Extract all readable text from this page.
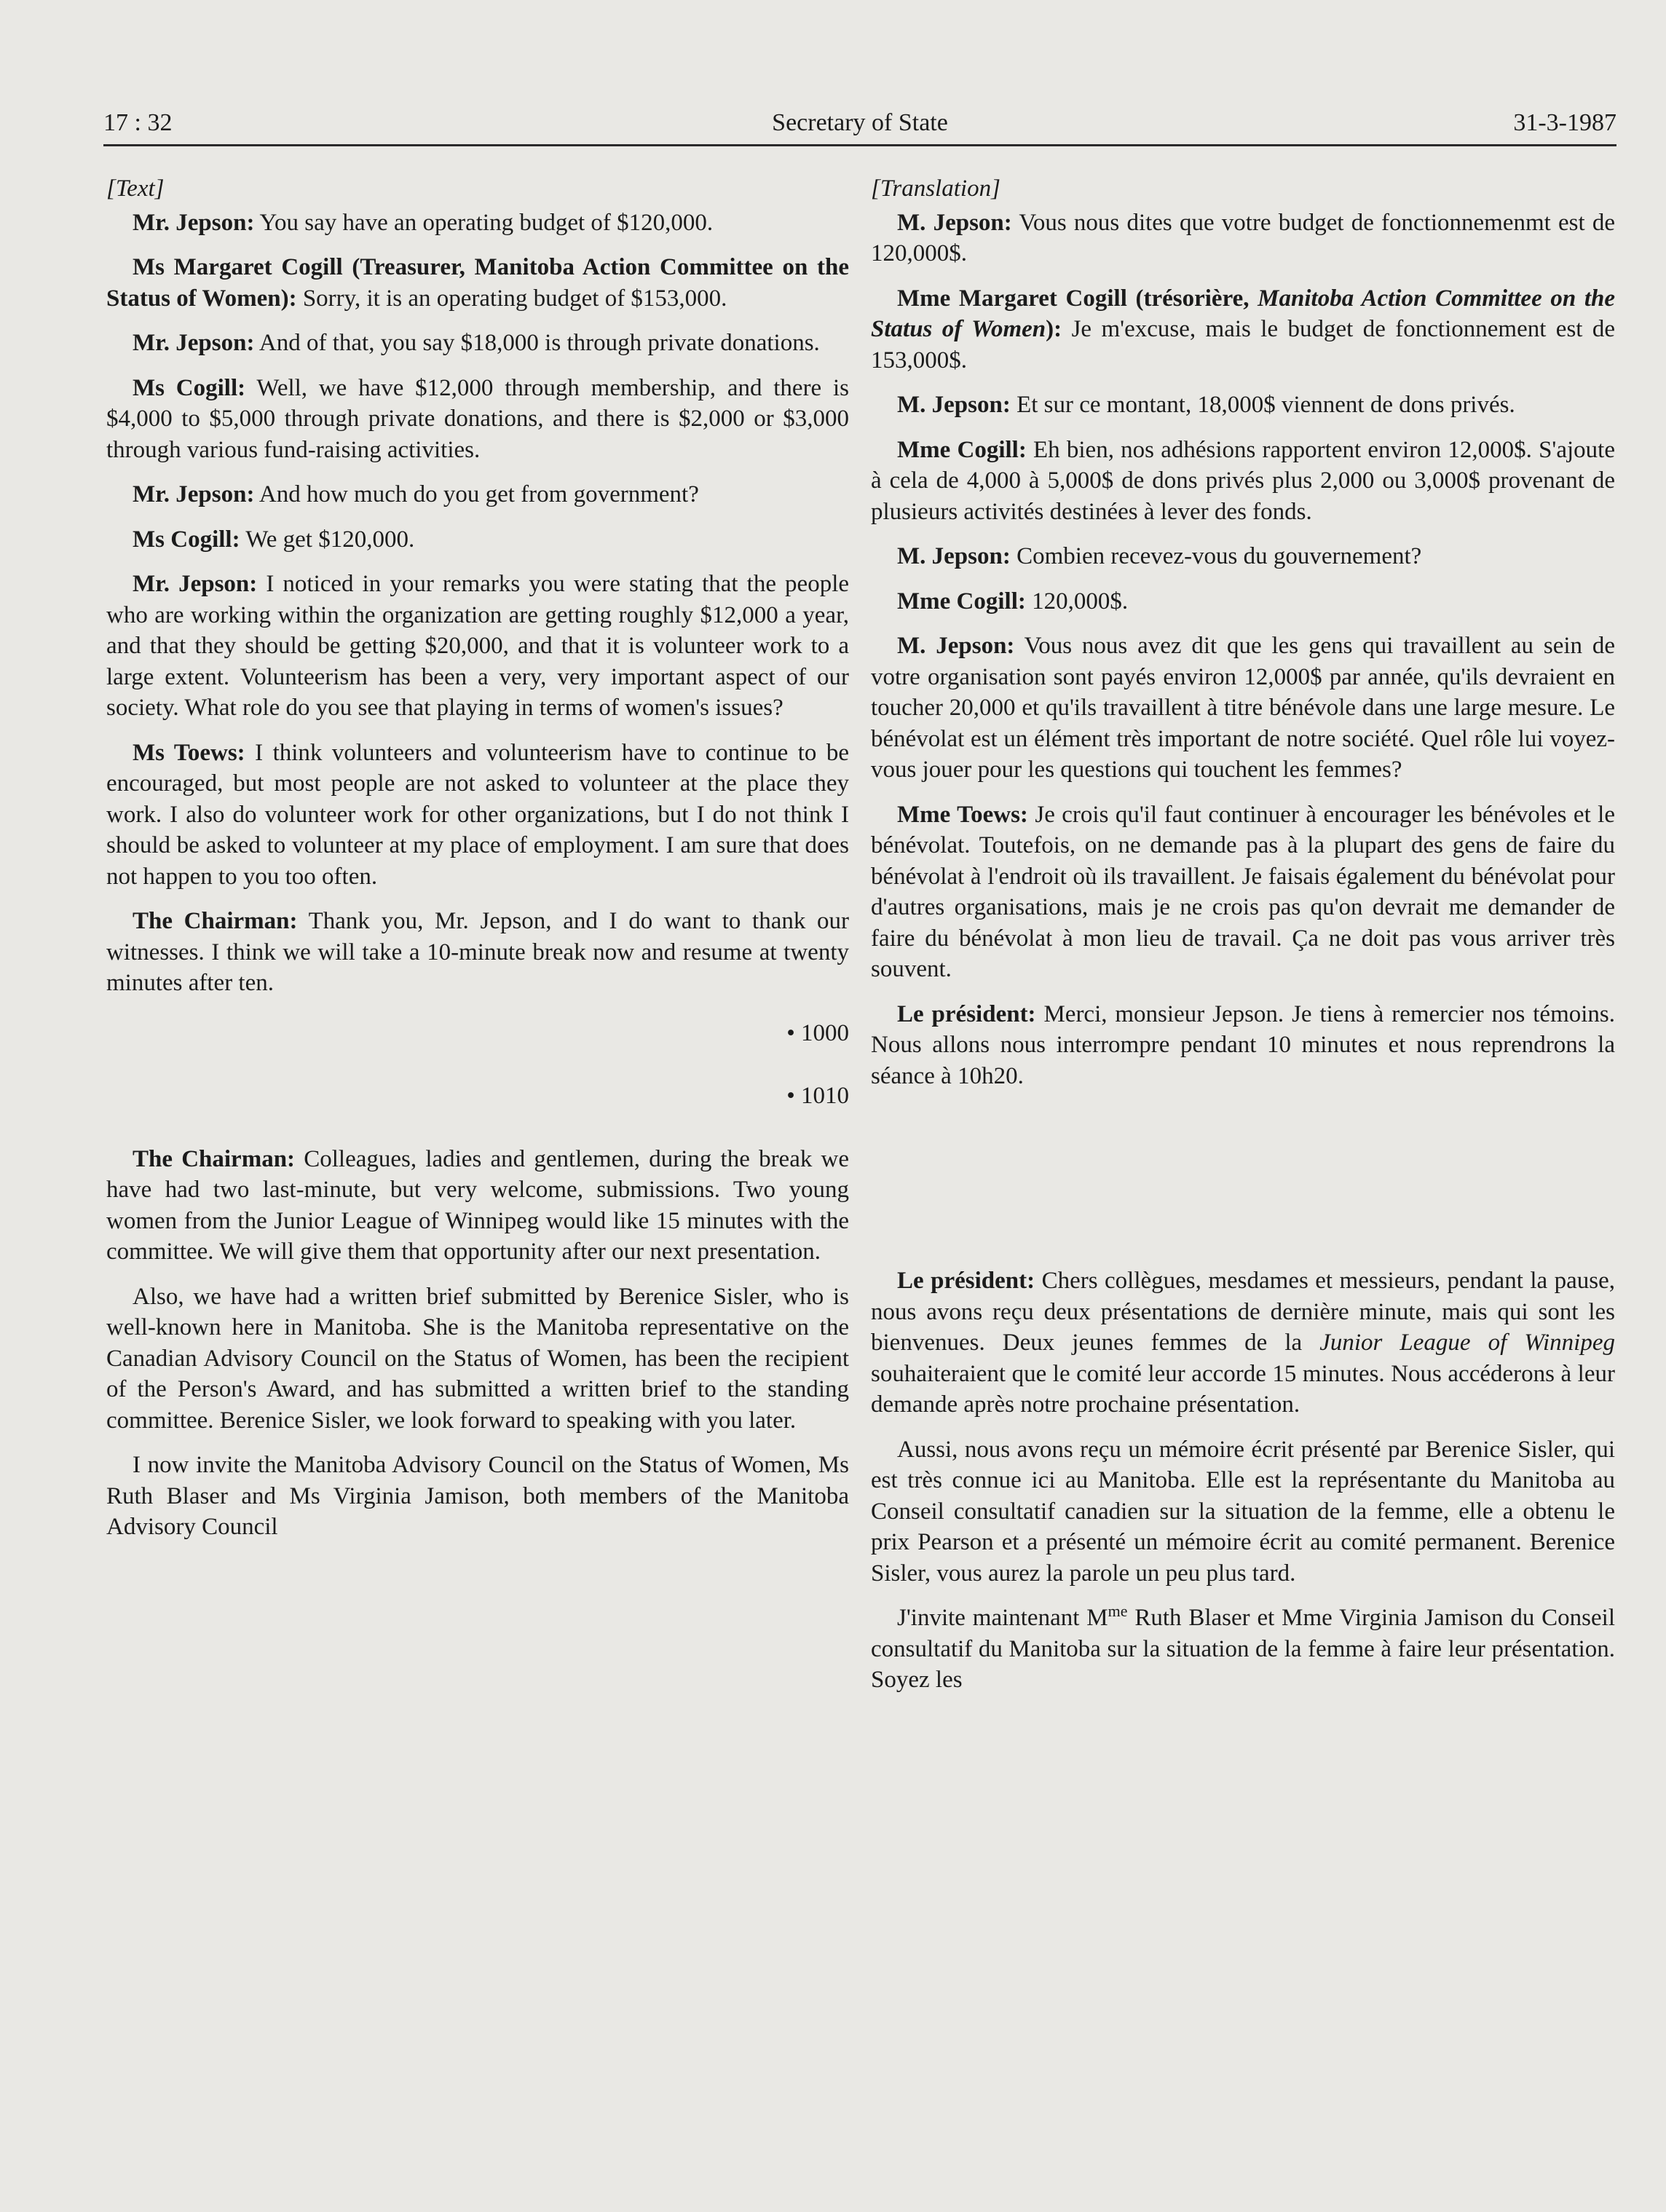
Secretary of State
17 : 32	31-3-1987
[Text]

Mr. Jepson: You say have an operating budget of $120,000.

Ms Margaret Cogill (Treasurer, Manitoba Action Committee on the Status of Women): Sorry, it is an operating budget of $153,000.

Mr. Jepson: And of that, you say $18,000 is through private donations.

Ms Cogill: Well, we have $12,000 through membership, and there is $4,000 to $5,000 through private donations, and there is $2,000 or $3,000 through various fund-raising activities.

Mr. Jepson: And how much do you get from government?

Ms Cogill: We get $120,000.

Mr. Jepson: I noticed in your remarks you were stating that the people who are working within the organization are getting roughly $12,000 a year, and that they should be getting $20,000, and that it is volunteer work to a large extent. Volunteerism has been a very, very important aspect of our society. What role do you see that playing in terms of women's issues?

Ms Toews: I think volunteers and volunteerism have to continue to be encouraged, but most people are not asked to volunteer at the place they work. I also do volunteer work for other organizations, but I do not think I should be asked to volunteer at my place of employment. I am sure that does not happen to you too often.

The Chairman: Thank you, Mr. Jepson, and I do want to thank our witnesses. I think we will take a 10-minute break now and resume at twenty minutes after ten.

• 1000
• 1010

The Chairman: Colleagues, ladies and gentlemen, during the break we have had two last-minute, but very welcome, submissions. Two young women from the Junior League of Winnipeg would like 15 minutes with the committee. We will give them that opportunity after our next presentation.

Also, we have had a written brief submitted by Berenice Sisler, who is well-known here in Manitoba. She is the Manitoba representative on the Canadian Advisory Council on the Status of Women, has been the recipient of the Person's Award, and has submitted a written brief to the standing committee. Berenice Sisler, we look forward to speaking with you later.

I now invite the Manitoba Advisory Council on the Status of Women, Ms Ruth Blaser and Ms Virginia Jamison, both members of the Manitoba Advisory Council

[Translation]

M. Jepson: Vous nous dites que votre budget de fonctionnemenmt est de 120,000$.

Mme Margaret Cogill (trésorière, Manitoba Action Committee on the Status of Women): Je m'excuse, mais le budget de fonctionnement est de 153,000$.

M. Jepson: Et sur ce montant, 18,000$ viennent de dons privés.

Mme Cogill: Eh bien, nos adhésions rapportent environ 12,000$. S'ajoute à cela de 4,000 à 5,000$ de dons privés plus 2,000 ou 3,000$ provenant de plusieurs activités destinées à lever des fonds.

M. Jepson: Combien recevez-vous du gouvernement?

Mme Cogill: 120,000$.

M. Jepson: Vous nous avez dit que les gens qui travaillent au sein de votre organisation sont payés environ 12,000$ par année, qu'ils devraient en toucher 20,000 et qu'ils travaillent à titre bénévole dans une large mesure. Le bénévolat est un élément très important de notre société. Quel rôle lui voyez-vous jouer pour les questions qui touchent les femmes?

Mme Toews: Je crois qu'il faut continuer à encourager les bénévoles et le bénévolat. Toutefois, on ne demande pas à la plupart des gens de faire du bénévolat à l'endroit où ils travaillent. Je faisais également du bénévolat pour d'autres organisations, mais je ne crois pas qu'on devrait me demander de faire du bénévolat à mon lieu de travail. Ça ne doit pas vous arriver très souvent.

Le président: Merci, monsieur Jepson. Je tiens à remercier nos témoins. Nous allons nous interrompre pendant 10 minutes et nous reprendrons la séance à 10h20.

Le président: Chers collègues, mesdames et messieurs, pendant la pause, nous avons reçu deux présentations de dernière minute, mais qui sont les bienvenues. Deux jeunes femmes de la Junior League of Winnipeg souhaiteraient que le comité leur accorde 15 minutes. Nous accéderons à leur demande après notre prochaine présentation.

Aussi, nous avons reçu un mémoire écrit présenté par Berenice Sisler, qui est très connue ici au Manitoba. Elle est la représentante du Manitoba au Conseil consultatif canadien sur la situation de la femme, elle a obtenu le prix Pearson et a présenté un mémoire écrit au comité permanent. Berenice Sisler, vous aurez la parole un peu plus tard.

J'invite maintenant $M^{me}$ Ruth Blaser et Mme Virginia Jamison du Conseil consultatif du Manitoba sur la situation de la femme à faire leur présentation. Soyez les
